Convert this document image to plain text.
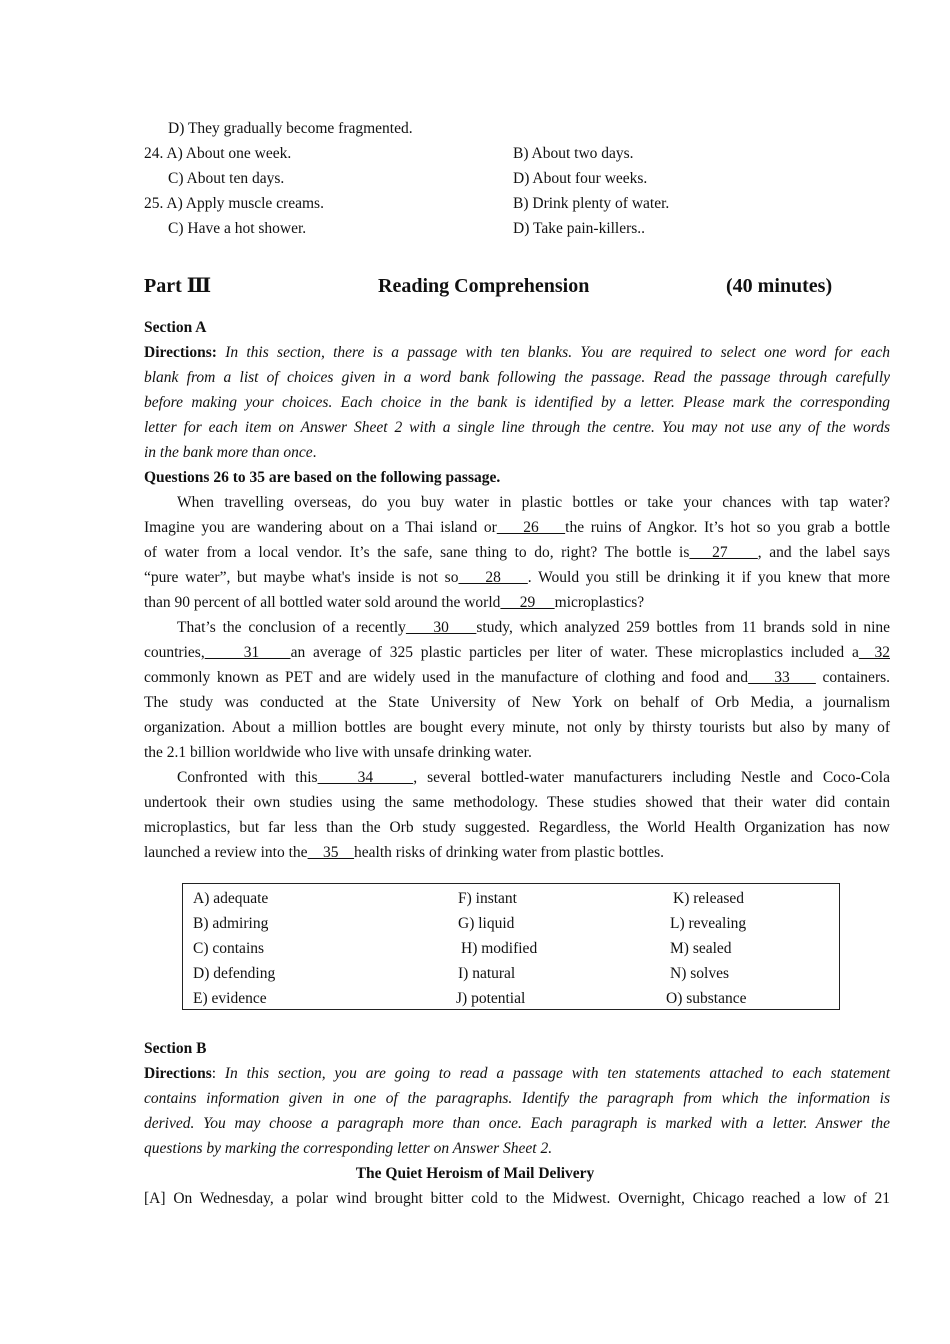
D) They gradually become fragmented.
24. A) About one week.	B) About two days.
C) About ten days.	D) About four weeks.
25. A) Apply muscle creams.	B) Drink plenty of water.
C) Have a hot shower.	D) Take pain-killers..
Part Ⅲ	Reading Comprehension	(40 minutes)
Section A
Directions: In this section, there is a passage with ten blanks. You are required to select one word for each
blank from a list of choices given in a word bank following the passage. Read the passage through carefully
before making your choices. Each choice in the bank is identified by a letter. Please mark the corresponding
letter for each item on Answer Sheet 2 with a single line through the centre. You may not use any of the words
in the bank more than once.
Questions 26 to 35 are based on the following passage.
When travelling overseas, do you buy water in plastic bottles or take your chances with tap water?
Imagine you are wandering about on a Thai island or    26    the ruins of Angkor. It’s hot so you grab a bottle
of water from a local vendor. It’s the safe, sane thing to do, right? The bottle is   27    , and the label says
“pure water”, but maybe what's inside is not so    28    . Would you still be drinking it if you knew that more
than 90 percent of all bottled water sold around the world     29     microplastics?
That’s the conclusion of a recently    30    study, which analyzed 259 bottles from 11 brands sold in nine
countries,     31    an average of 325 plastic particles per liter of water. These microplastics included a  32
commonly known as PET and are widely used in the manufacture of clothing and food and    33     containers.
The study was conducted at the State University of New York on behalf of Orb Media, a journalism
organization. About a million bottles are bought every minute, not only by thirsty tourists but also by many of
the 2.1 billion worldwide who live with unsafe drinking water.
Confronted with this    34    , several bottled-water manufacturers including Nestle and Coco-Cola
undertook their own studies using the same methodology. These studies showed that their water did contain
microplastics, but far less than the Orb study suggested. Regardless, the World Health Organization has now
launched a review into the    35    health risks of drinking water from plastic bottles.
A) adequate	F) instant	K) released
B) admiring	G) liquid	L) revealing
C) contains	H) modified	M) sealed
D) defending	I) natural	N) solves
E) evidence	J) potential	O) substance
Section B
Directions: In this section, you are going to read a passage with ten statements attached to each statement
contains information given in one of the paragraphs. Identify the paragraph from which the information is
derived. You may choose a paragraph more than once. Each paragraph is marked with a letter. Answer the
questions by marking the corresponding letter on Answer Sheet 2.
The Quiet Heroism of Mail Delivery
[A] On Wednesday, a polar wind brought bitter cold to the Midwest. Overnight, Chicago reached a low of 21
